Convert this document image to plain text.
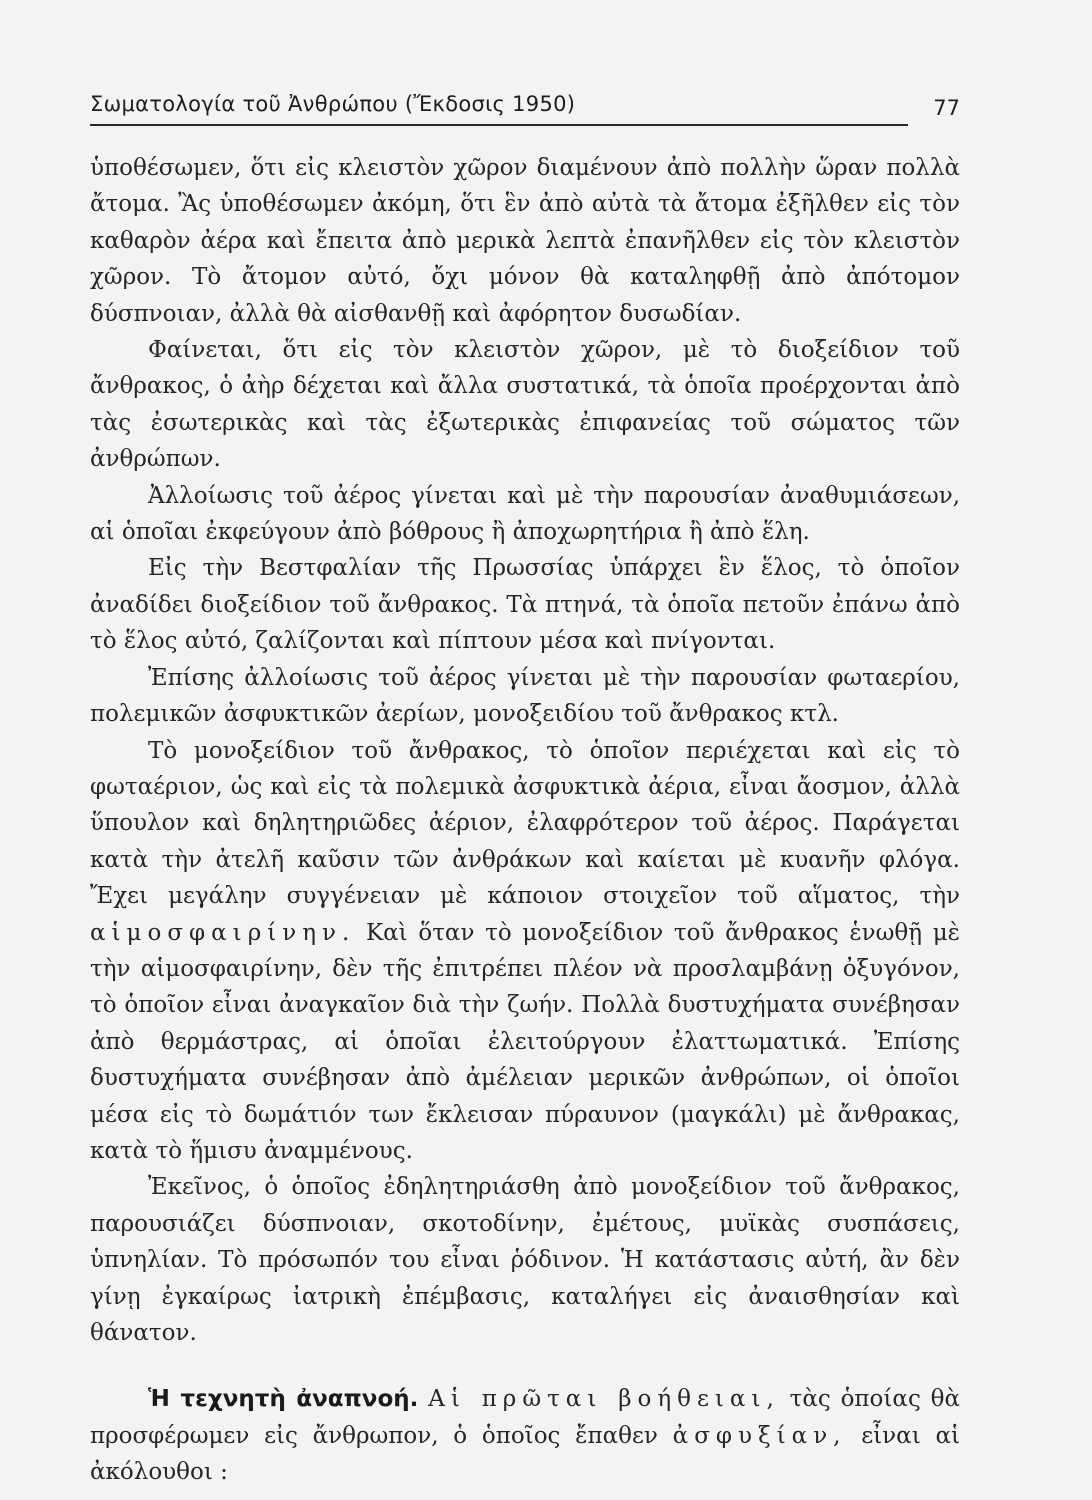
Σωματολογία τοῦ Ἀνθρώπου (Ἔκδοσις 1950)	77

ὑποθέσωμεν, ὅτι εἰς κλειστὸν χῶρον διαμένουν ἀπὸ πολλὴν ὥραν πολλὰ ἄτομα. Ἂς ὑποθέσωμεν ἀκόμη, ὅτι ἓν ἀπὸ αὐτὰ τὰ ἄτομα ἐξῆλθεν εἰς τὸν καθαρὸν ἀέρα καὶ ἔπειτα ἀπὸ μερικὰ λεπτὰ ἐπανῆλθεν εἰς τὸν κλειστὸν χῶρον. Τὸ ἄτομον αὐτό, ὄχι μόνον θὰ καταληφθῇ ἀπὸ ἀπότομον δύσπνοιαν, ἀλλὰ θὰ αἰσθανθῇ καὶ ἀφόρητον δυσωδίαν.

Φαίνεται, ὅτι εἰς τὸν κλειστὸν χῶρον, μὲ τὸ διοξείδιον τοῦ ἄνθρακος, ὁ ἀὴρ δέχεται καὶ ἄλλα συστατικά, τὰ ὁποῖα προέρχονται ἀπὸ τὰς ἐσωτερικὰς καὶ τὰς ἐξωτερικὰς ἐπιφανείας τοῦ σώματος τῶν ἀνθρώπων.

Ἀλλοίωσις τοῦ ἀέρος γίνεται καὶ μὲ τὴν παρουσίαν ἀναθυμιάσεων, αἱ ὁποῖαι ἐκφεύγουν ἀπὸ βόθρους ἢ ἀποχωρητήρια ἢ ἀπὸ ἕλη.

Εἰς τὴν Βεστφαλίαν τῆς Πρωσσίας ὑπάρχει ἓν ἕλος, τὸ ὁποῖον ἀναδίδει διοξείδιον τοῦ ἄνθρακος. Τὰ πτηνά, τὰ ὁποῖα πετοῦν ἐπάνω ἀπὸ τὸ ἕλος αὐτό, ζαλίζονται καὶ πίπτουν μέσα καὶ πνίγονται.

Ἐπίσης ἀλλοίωσις τοῦ ἀέρος γίνεται μὲ τὴν παρουσίαν φωταερίου, πολεμικῶν ἀσφυκτικῶν ἀερίων, μονοξειδίου τοῦ ἄνθρακος κτλ.

Τὸ μονοξείδιον τοῦ ἄνθρακος, τὸ ὁποῖον περιέχεται καὶ εἰς τὸ φωταέριον, ὡς καὶ εἰς τὰ πολεμικὰ ἀσφυκτικὰ ἀέρια, εἶναι ἄοσμον, ἀλλὰ ὕπουλον καὶ δηλητηριῶδες ἀέριον, ἐλαφρότερον τοῦ ἀέρος. Παράγεται κατὰ τὴν ἀτελῆ καῦσιν τῶν ἀνθράκων καὶ καίεται μὲ κυανῆν φλόγα. Ἔχει μεγάλην συγγένειαν μὲ κάποιον στοιχεῖον τοῦ αἵματος, τὴν αἱμοσφαιρίνην. Καὶ ὅταν τὸ μονοξείδιον τοῦ ἄνθρακος ἑνωθῇ μὲ τὴν αἱμοσφαιρίνην, δὲν τῆς ἐπιτρέπει πλέον νὰ προσλαμβάνῃ ὀξυγόνον, τὸ ὁποῖον εἶναι ἀναγκαῖον διὰ τὴν ζωήν. Πολλὰ δυστυχήματα συνέβησαν ἀπὸ θερμάστρας, αἱ ὁποῖαι ἐλειτούργουν ἐλαττωματικά. Ἐπίσης δυστυχήματα συνέβησαν ἀπὸ ἀμέλειαν μερικῶν ἀνθρώπων, οἱ ὁποῖοι μέσα εἰς τὸ δωμάτιόν των ἔκλεισαν πύραυνον (μαγκάλι) μὲ ἄνθρακας, κατὰ τὸ ἥμισυ ἀναμμένους.

Ἐκεῖνος, ὁ ὁποῖος ἐδηλητηριάσθη ἀπὸ μονοξείδιον τοῦ ἄνθρακος, παρουσιάζει δύσπνοιαν, σκοτοδίνην, ἐμέτους, μυϊκὰς συσπάσεις, ὑπνηλίαν. Τὸ πρόσωπόν του εἶναι ῥόδινον. Ἡ κατάστασις αὐτή, ἂν δὲν γίνῃ ἐγκαίρως ἰατρικὴ ἐπέμβασις, καταλήγει εἰς ἀναισθησίαν καὶ θάνατον.

Ἡ τεχνητὴ ἀναπνοή. Αἱ πρῶται βοήθειαι, τὰς ὁποίας θὰ προσφέρωμεν εἰς ἄνθρωπον, ὁ ὁποῖος ἔπαθεν ἀσφυξίαν, εἶναι αἱ ἀκόλουθοι :
